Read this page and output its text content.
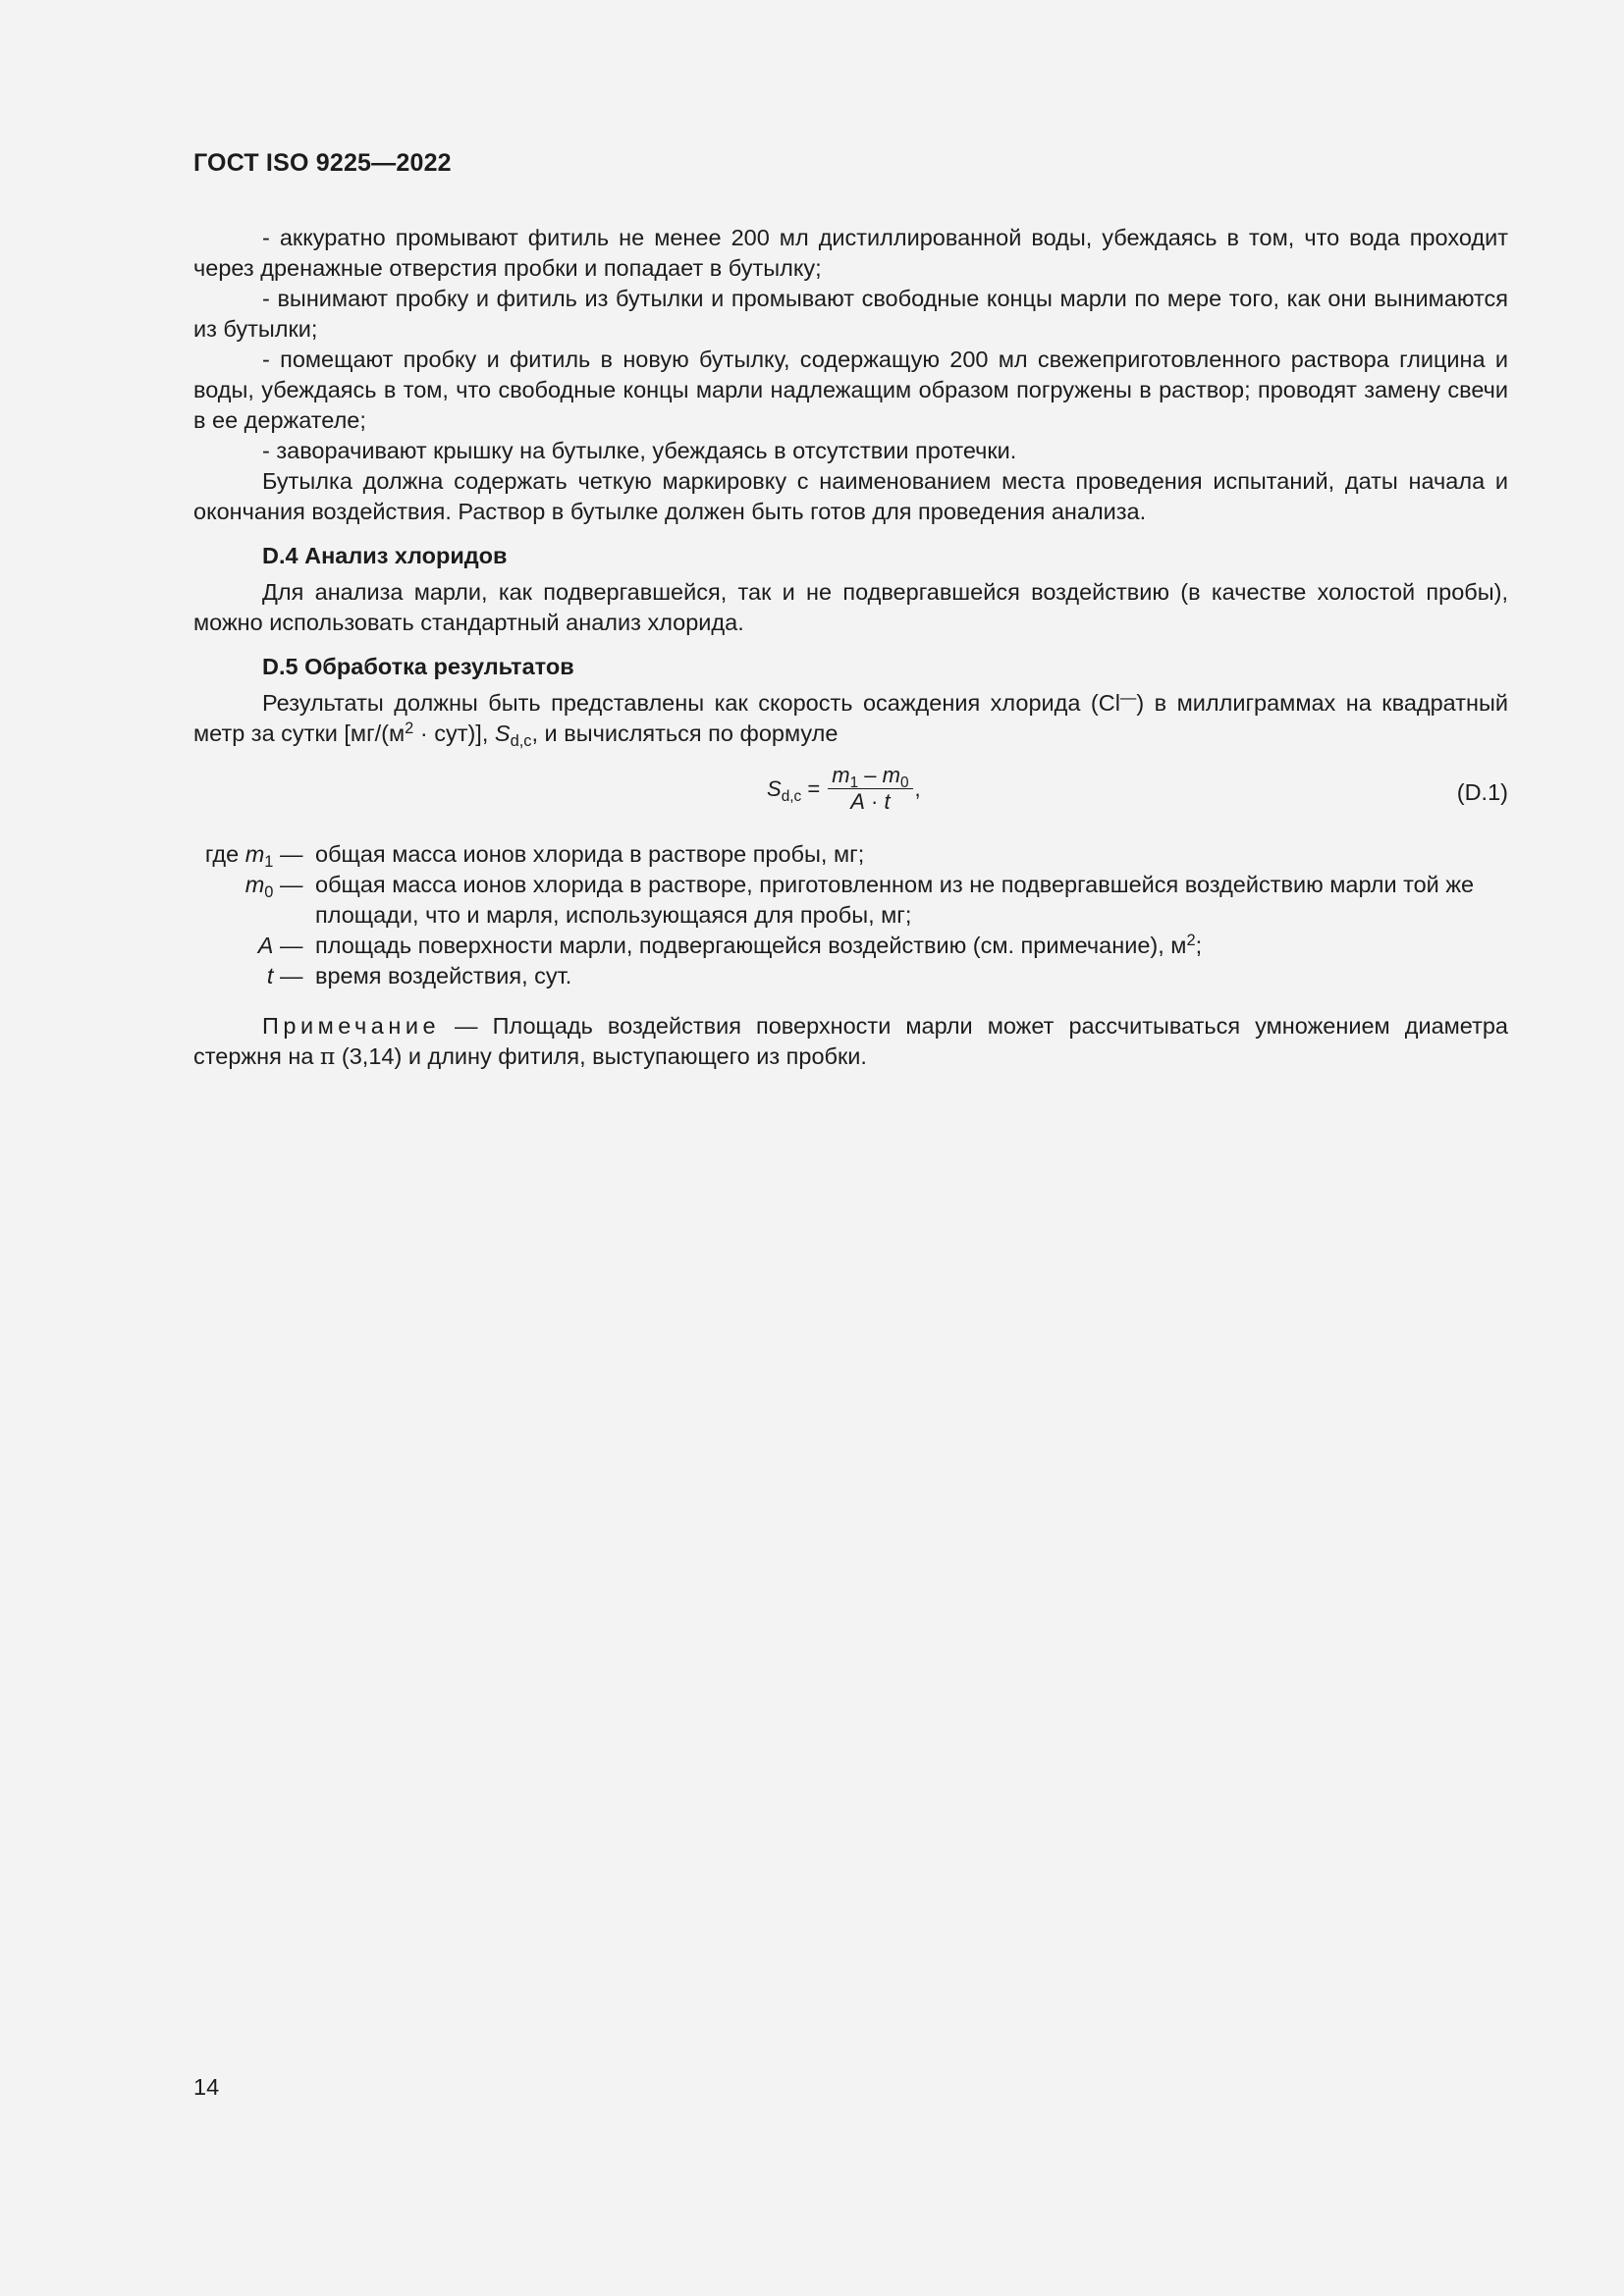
ГОСТ ISO 9225—2022

- аккуратно промывают фитиль не менее 200 мл дистиллированной воды, убеждаясь в том, что вода проходит через дренажные отверстия пробки и попадает в бутылку;

- вынимают пробку и фитиль из бутылки и промывают свободные концы марли по мере того, как они вынимаются из бутылки;

- помещают пробку и фитиль в новую бутылку, содержащую 200 мл свежеприготовленного раствора глицина и воды, убеждаясь в том, что свободные концы марли надлежащим образом погружены в раствор; проводят замену свечи в ее держателе;

- заворачивают крышку на бутылке, убеждаясь в отсутствии протечки.

Бутылка должна содержать четкую маркировку с наименованием места проведения испытаний, даты начала и окончания воздействия. Раствор в бутылке должен быть готов для проведения анализа.

D.4 Анализ хлоридов

Для анализа марли, как подвергавшейся, так и не подвергавшейся воздействию (в качестве холостой пробы), можно использовать стандартный анализ хлорида.

D.5 Обработка результатов

Результаты должны быть представлены как скорость осаждения хлорида (Cl—) в миллиграммах на квадратный метр за сутки $[мг/(м^2 \cdot сут)]$, $S_{d,c}$, и вычисляться по формуле

$S_{d,c} = \frac{m_1 - m_0}{A \cdot t}$ ,	(D.1)
где $m_1$ —	общая масса ионов хлорида в растворе пробы, мг;
$m_0$ —	общая масса ионов хлорида в растворе, приготовленном из не подвергавшейся воздействию марли той же площади, что и марля, использующаяся для пробы, мг;
A —	площадь поверхности марли, подвергающейся воздействию (см. примечание), $м^2$;
t —	время воздействия, сут.

Примечание — Площадь воздействия поверхности марли может рассчитываться умножением диаметра стержня на π (3,14) и длину фитиля, выступающего из пробки.

14
